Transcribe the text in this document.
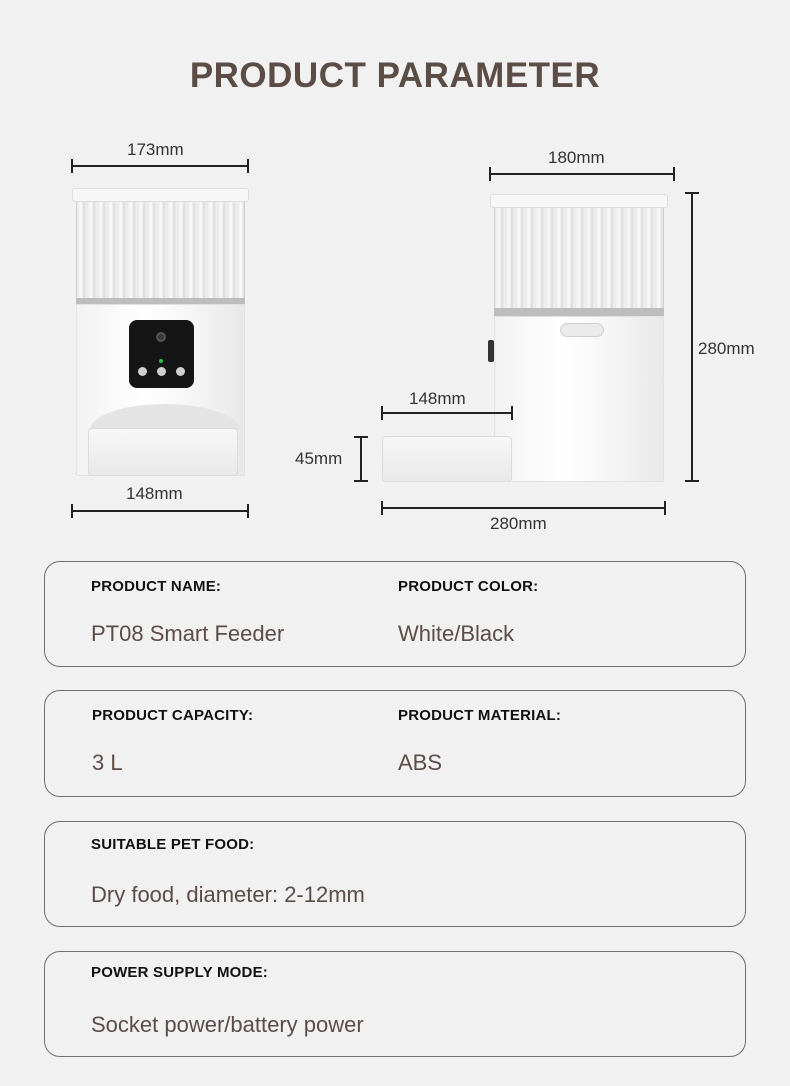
PRODUCT PARAMETER
173mm
148mm
180mm
280mm
148mm
45mm
280mm
PRODUCT NAME:
PT08 Smart Feeder
PRODUCT COLOR:
White/Black
PRODUCT CAPACITY:
3 L
PRODUCT MATERIAL:
ABS
SUITABLE PET FOOD:
Dry food, diameter: 2-12mm
POWER SUPPLY MODE:
Socket power/battery power
